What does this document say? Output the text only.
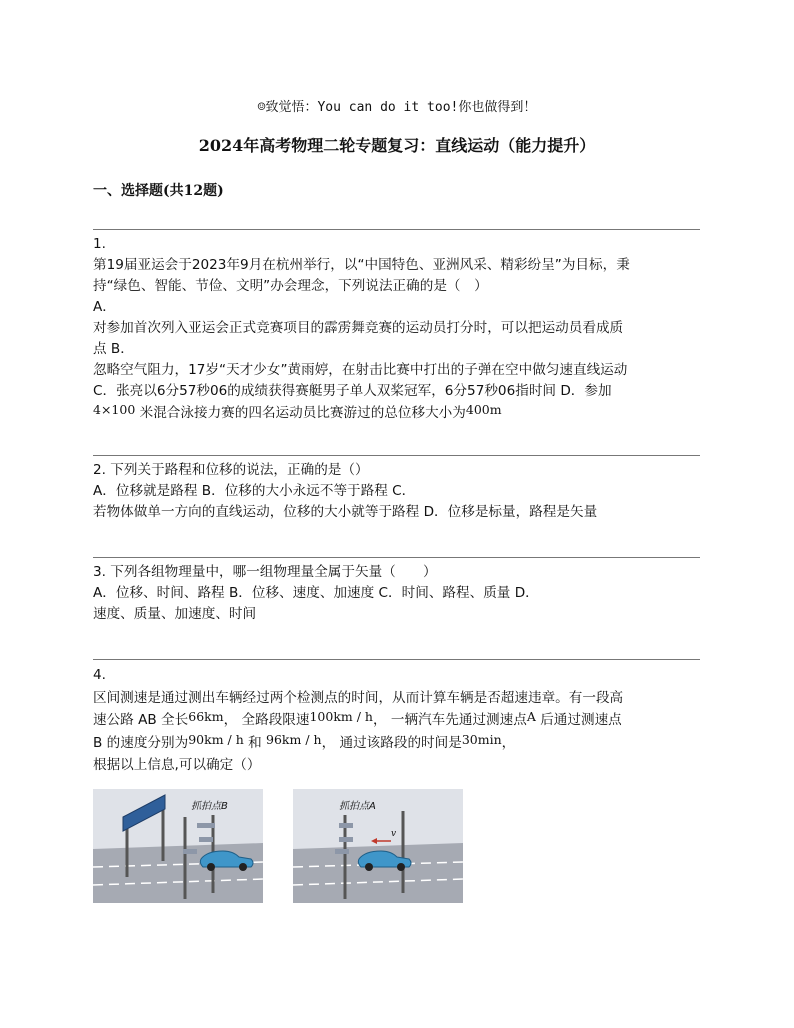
☺致觉悟：You can do it too!你也做得到！
2024年高考物理二轮专题复习：直线运动（能力提升）
一、选择题(共12题)
1.
第19届亚运会于2023年9月在杭州举行，以“中国特色、亚洲风采、精彩纷呈”为目标，秉
持“绿色、智能、节俭、文明”办会理念，下列说法正确的是（　）
A．
对参加首次列入亚运会正式竞赛项目的霹雳舞竞赛的运动员打分时，可以把运动员看成质
点 B．
忽略空气阻力，17岁“天才少女”黄雨婷，在射击比赛中打出的子弹在空中做匀速直线运动
C．张亮以6分57秒06的成绩获得赛艇男子单人双桨冠军，6分57秒06指时间 D．参加
4×100 米混合泳接力赛的四名运动员比赛游过的总位移大小为400m
2. 下列关于路程和位移的说法，正确的是（）
A．位移就是路程 B．位移的大小永远不等于路程 C．
若物体做单一方向的直线运动，位移的大小就等于路程 D．位移是标量，路程是矢量
3. 下列各组物理量中，哪一组物理量全属于矢量（　　）
A．位移、时间、路程 B．位移、速度、加速度 C．时间、路程、质量 D．
速度、质量、加速度、时间
4.
区间测速是通过测出车辆经过两个检测点的时间，从而计算车辆是否超速违章。有一段高
速公路 AB 全长66km， 全路段限速100km / h， 一辆汽车先通过测速点A 后通过测速点
B 的速度分别为90km / h 和 96km / h， 通过该路段的时间是30min，
根据以上信息,可以确定（）
抓拍点B	抓拍点A
v
